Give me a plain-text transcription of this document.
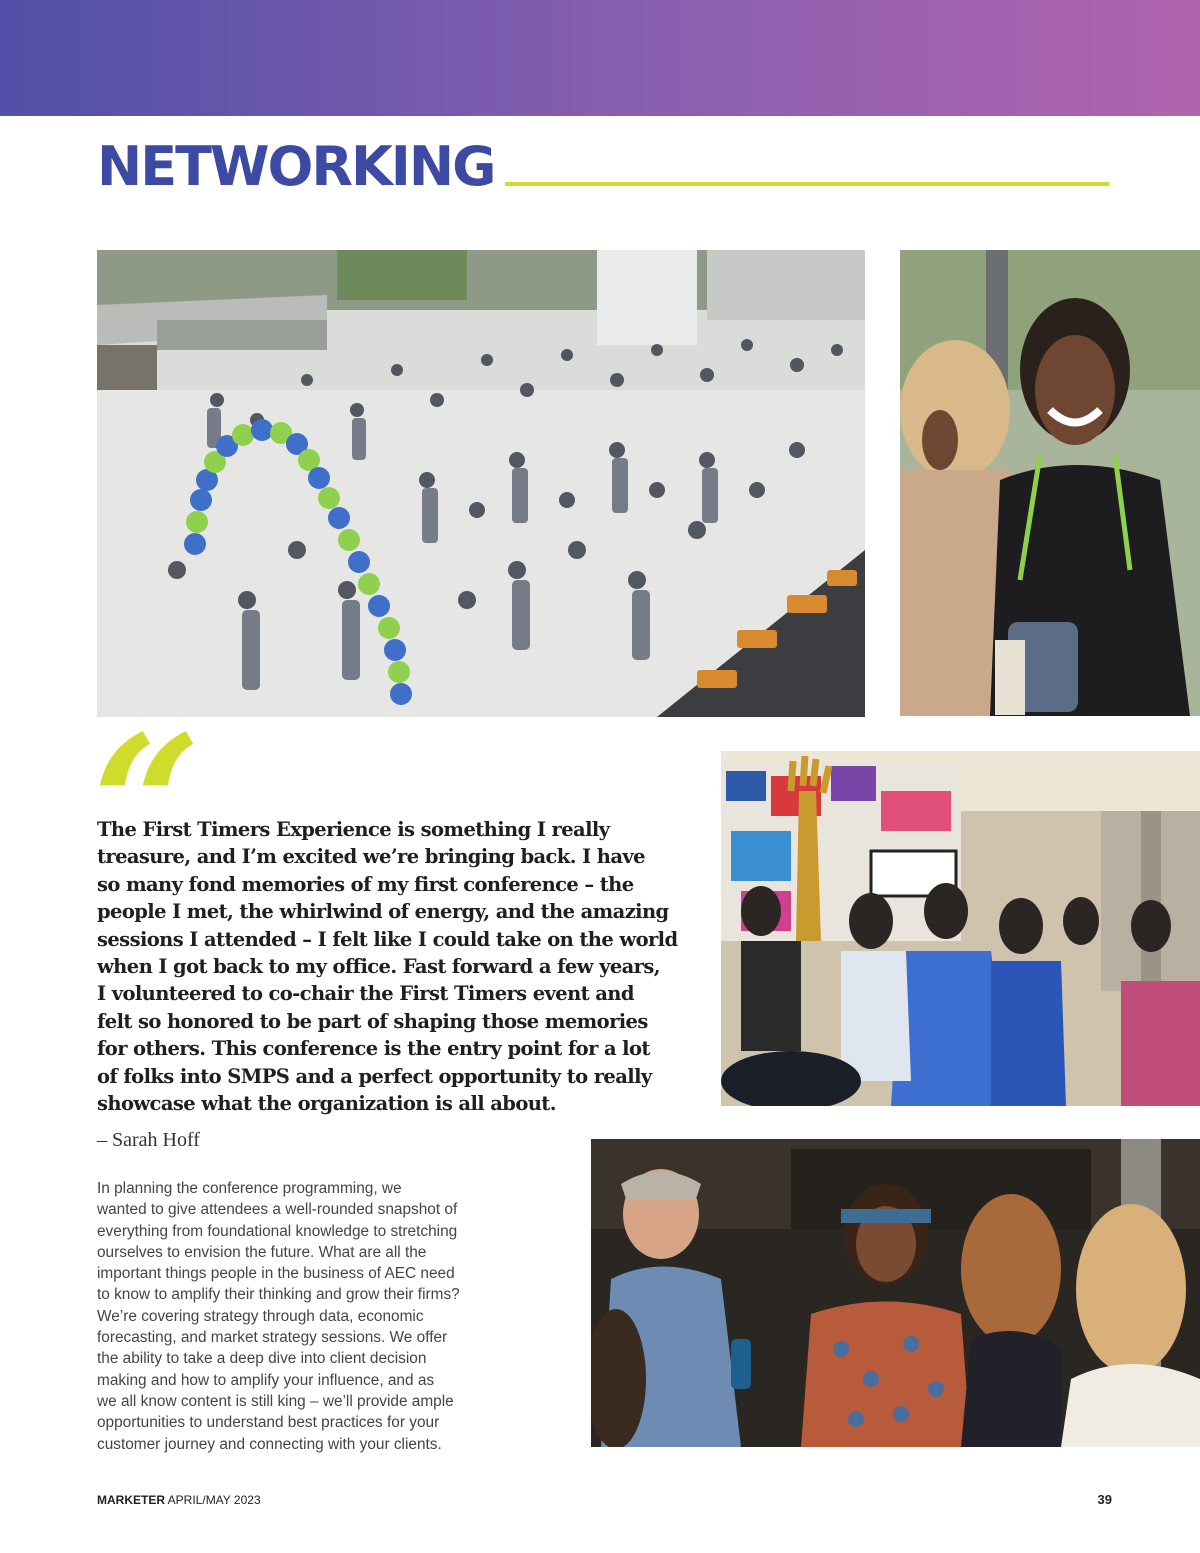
NETWORKING
“

The First Timers Experience is something I really
treasure, and I’m excited we’re bringing back. I have
so many fond memories of my first conference – the
people I met, the whirlwind of energy, and the amazing
sessions I attended – I felt like I could take on the world
when I got back to my office. Fast forward a few years,
I volunteered to co-chair the First Timers event and
felt so honored to be part of shaping those memories
for others. This conference is the entry point for a lot
of folks into SMPS and a perfect opportunity to really
showcase what the organization is all about.

– Sarah Hoff

In planning the conference programming, we
wanted to give attendees a well-rounded snapshot of
everything from foundational knowledge to stretching
ourselves to envision the future. What are all the
important things people in the business of AEC need
to know to amplify their thinking and grow their firms?
We’re covering strategy through data, economic
forecasting, and market strategy sessions. We offer
the ability to take a deep dive into client decision
making and how to amplify your influence, and as
we all know content is still king – we’ll provide ample
opportunities to understand best practices for your
customer journey and connecting with your clients.

MARKETER APRIL/MAY 2023	39
